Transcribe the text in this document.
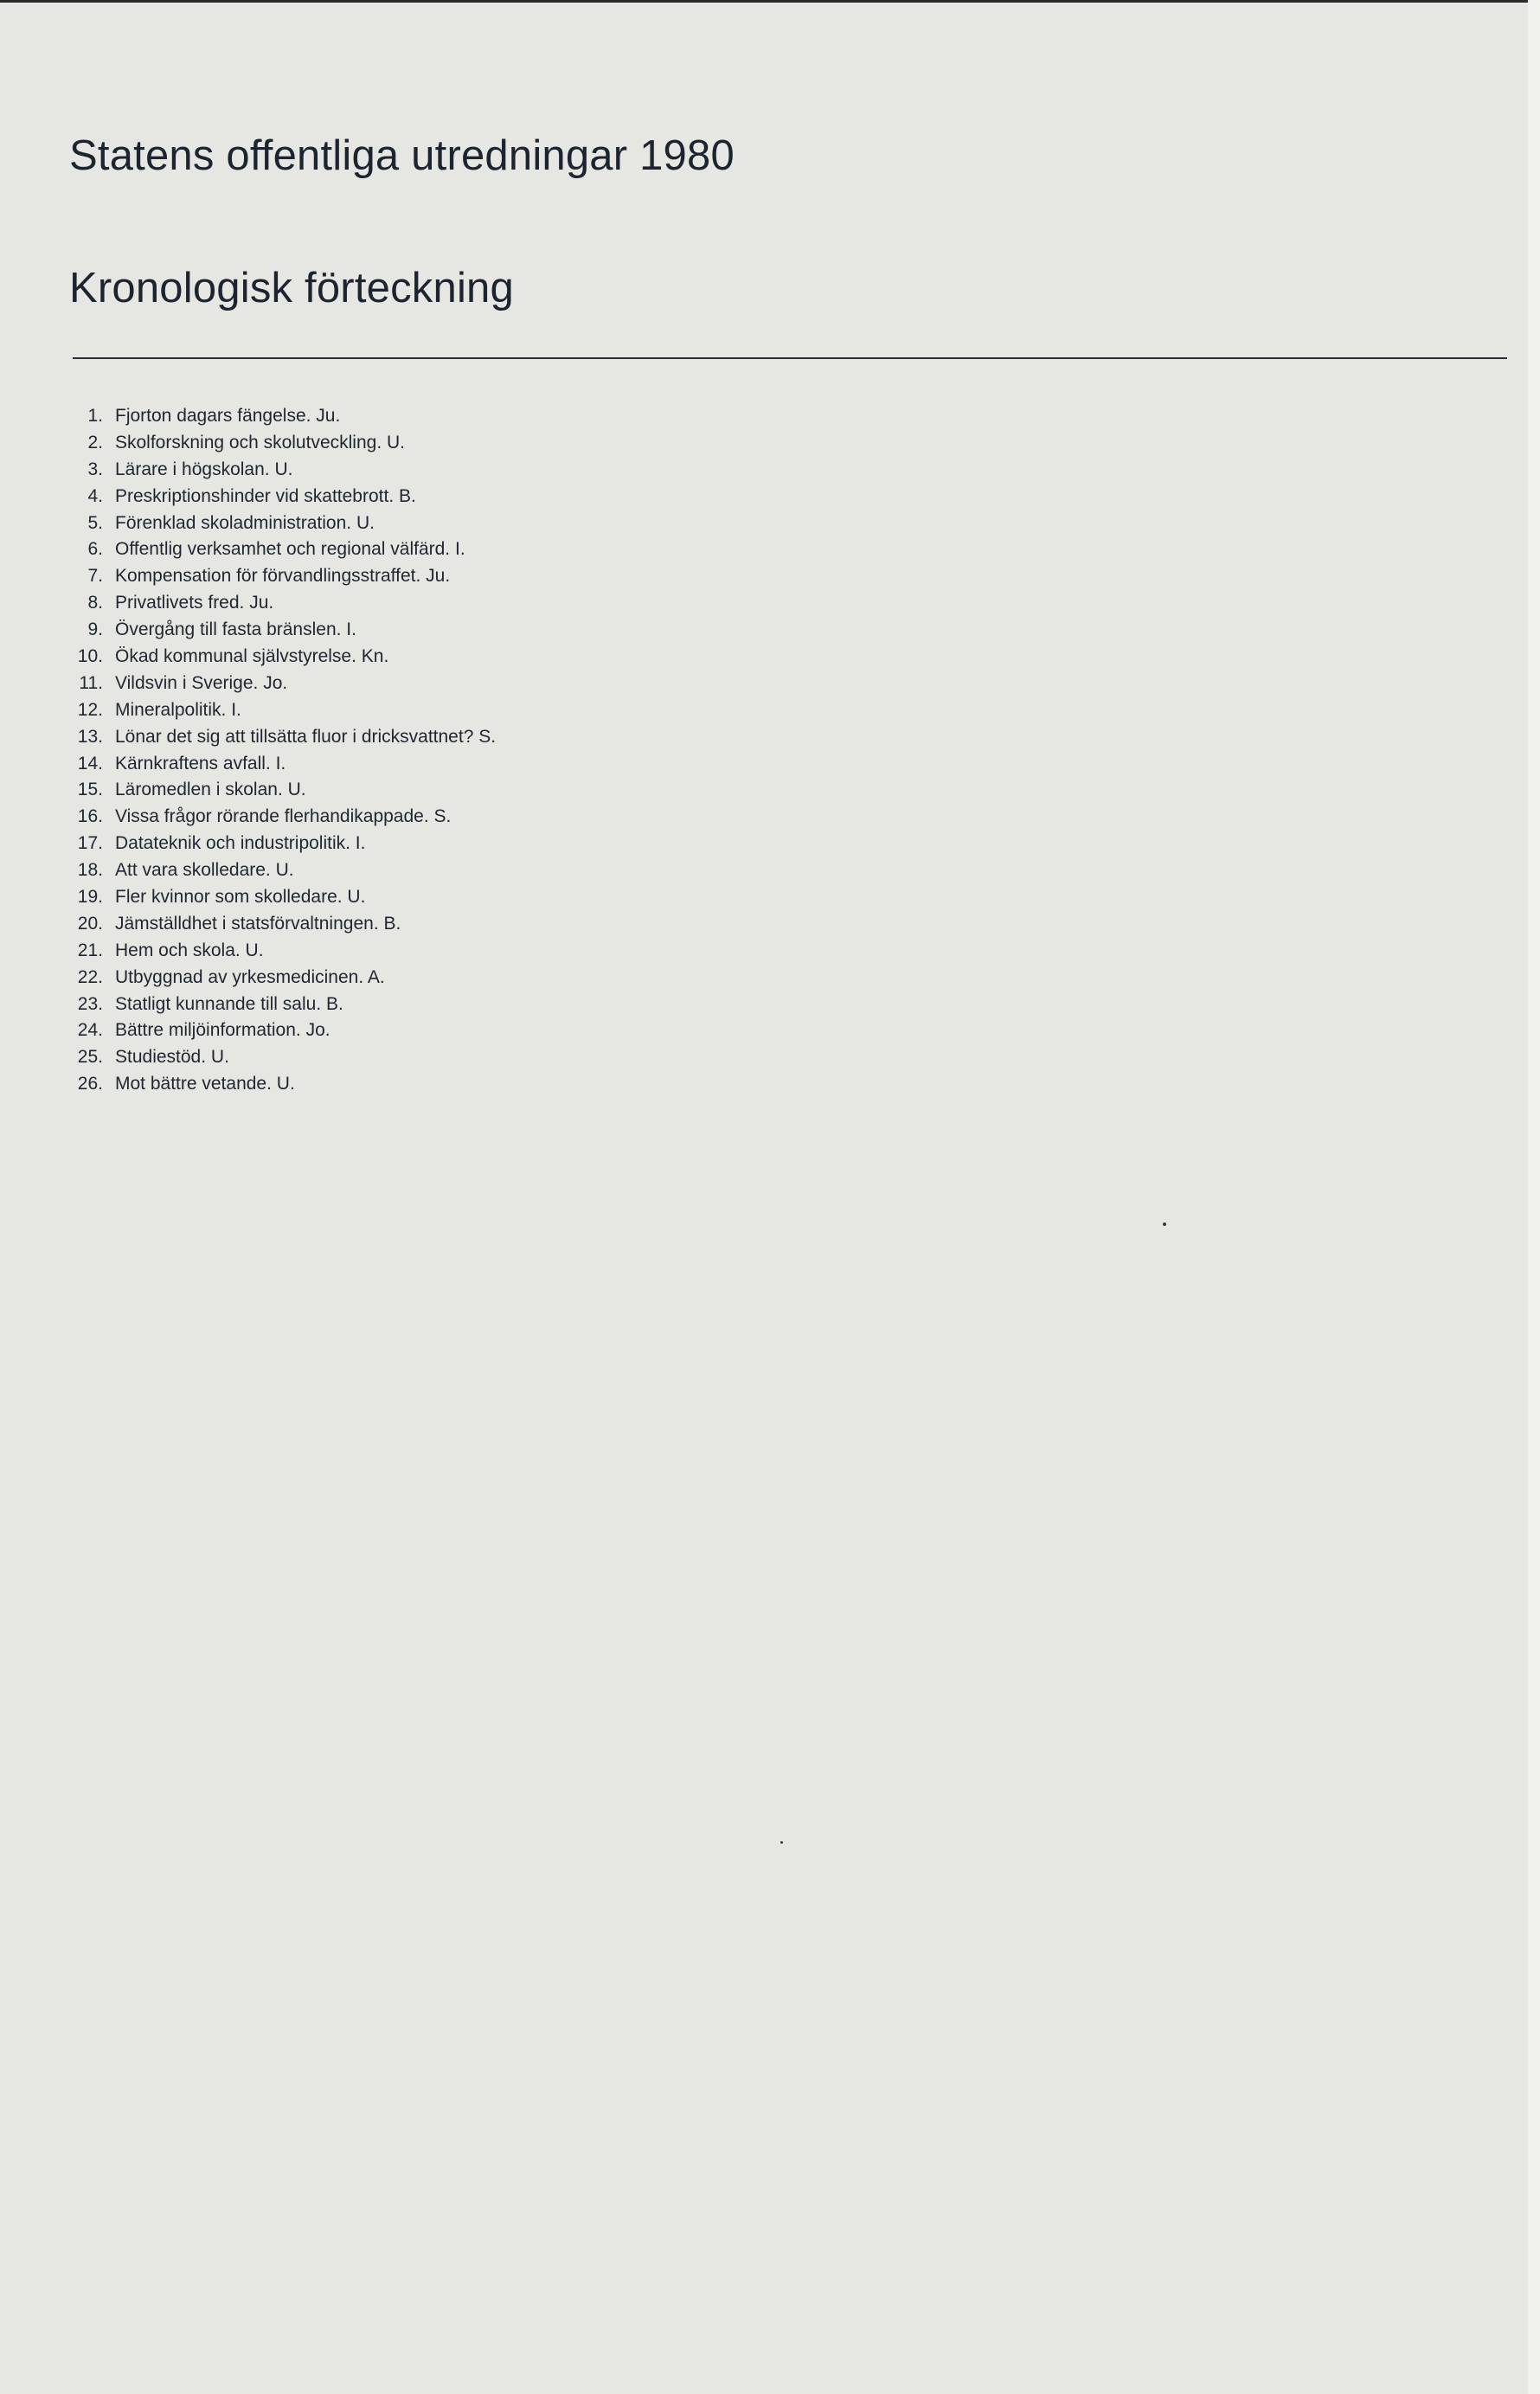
Statens offentliga utredningar 1980
Kronologisk förteckning
1. Fjorton dagars fängelse. Ju.
2. Skolforskning och skolutveckling. U.
3. Lärare i högskolan. U.
4. Preskriptionshinder vid skattebrott. B.
5. Förenklad skoladministration. U.
6. Offentlig verksamhet och regional välfärd. I.
7. Kompensation för förvandlingsstraffet. Ju.
8. Privatlivets fred. Ju.
9. Övergång till fasta bränslen. I.
10. Ökad kommunal självstyrelse. Kn.
11. Vildsvin i Sverige. Jo.
12. Mineralpolitik. I.
13. Lönar det sig att tillsätta fluor i dricksvattnet? S.
14. Kärnkraftens avfall. I.
15. Läromedlen i skolan. U.
16. Vissa frågor rörande flerhandikappade. S.
17. Datateknik och industripolitik. I.
18. Att vara skolledare. U.
19. Fler kvinnor som skolledare. U.
20. Jämställdhet i statsförvaltningen. B.
21. Hem och skola. U.
22. Utbyggnad av yrkesmedicinen. A.
23. Statligt kunnande till salu. B.
24. Bättre miljöinformation. Jo.
25. Studiestöd. U.
26. Mot bättre vetande. U.
